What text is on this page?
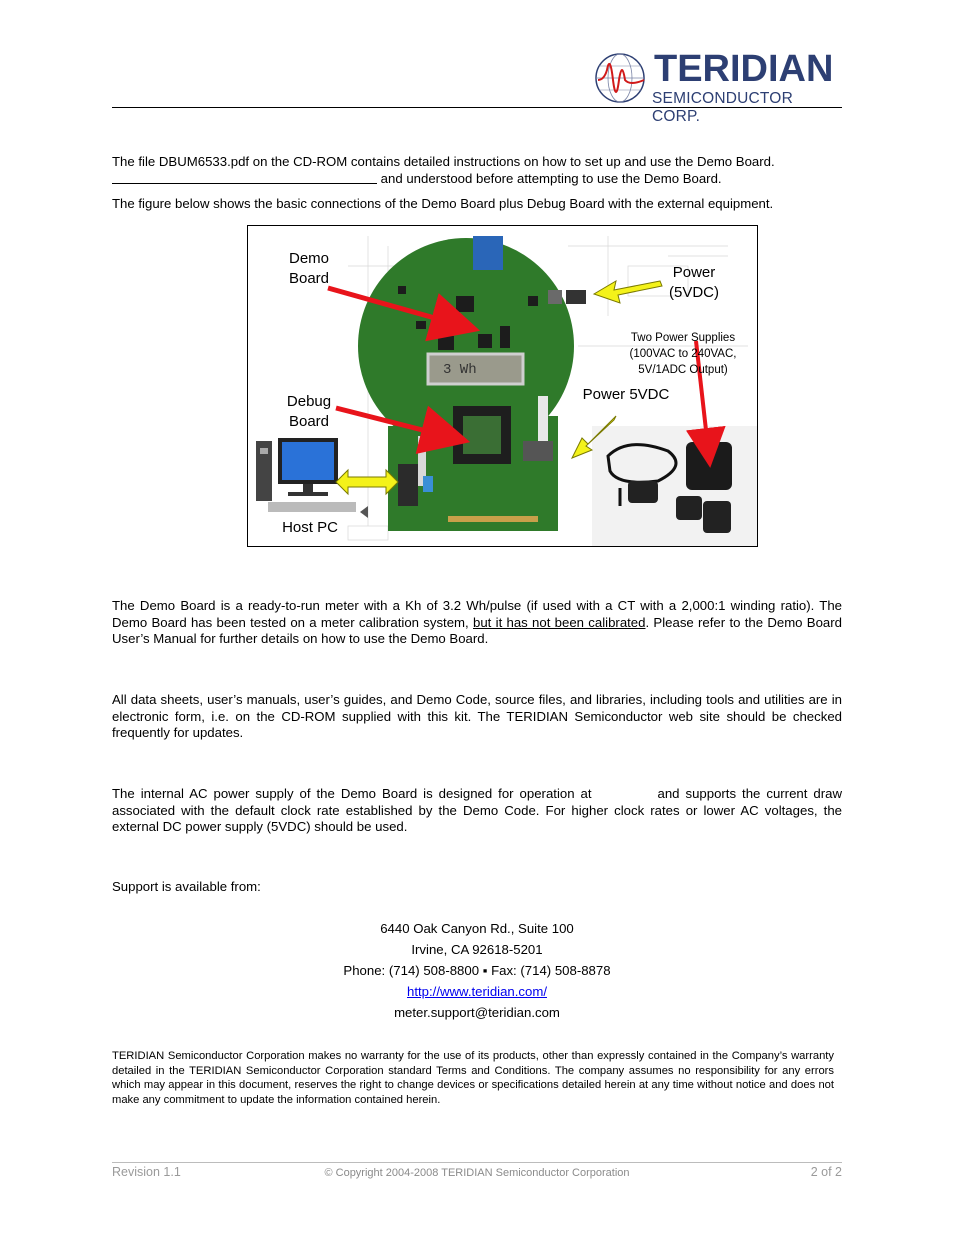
TERIDIAN
SEMICONDUCTOR CORP.
The file DBUM6533.pdf on the CD-ROM contains detailed instructions on how to set up and use the Demo Board.
and understood before attempting to use the Demo Board.
The figure below shows the basic connections of the Demo Board plus Debug Board with the external equipment.
3 Wh
Demo
Board	Power
(5VDC)
Two Power Supplies
(100VAC to 240VAC,
5V/1ADC Output)
Debug
Board
Power 5VDC
Host PC
The Demo Board is a ready-to-run meter with a Kh of 3.2 Wh/pulse (if used with a CT with a 2,000:1 winding ratio). The Demo Board has been tested on a meter calibration system, but it has not been calibrated. Please refer to the Demo Board User’s Manual for further details on how to use the Demo Board.
All data sheets, user’s manuals, user’s guides, and Demo Code, source files, and libraries, including tools and utilities are in electronic form, i.e. on the CD-ROM supplied with this kit. The TERIDIAN Semiconductor web site should be checked frequently for updates.
The internal AC power supply of the Demo Board is designed for operation at	and supports the current draw associated with the default clock rate established by the Demo Code. For higher clock rates or lower AC voltages, the external DC power supply (5VDC) should be used.
Support is available from:
6440 Oak Canyon Rd., Suite 100
Irvine, CA 92618-5201
Phone: (714) 508-8800 ▪ Fax: (714) 508-8878
http://www.teridian.com/
meter.support@teridian.com
TERIDIAN Semiconductor Corporation makes no warranty for the use of its products, other than expressly contained in the Company’s warranty detailed in the TERIDIAN Semiconductor Corporation standard Terms and Conditions. The company assumes no responsibility for any errors which may appear in this document, reserves the right to change devices or specifications detailed herein at any time without notice and does not make any commitment to update the information contained herein.
Revision 1.1	© Copyright 2004-2008 TERIDIAN Semiconductor Corporation	2 of 2
